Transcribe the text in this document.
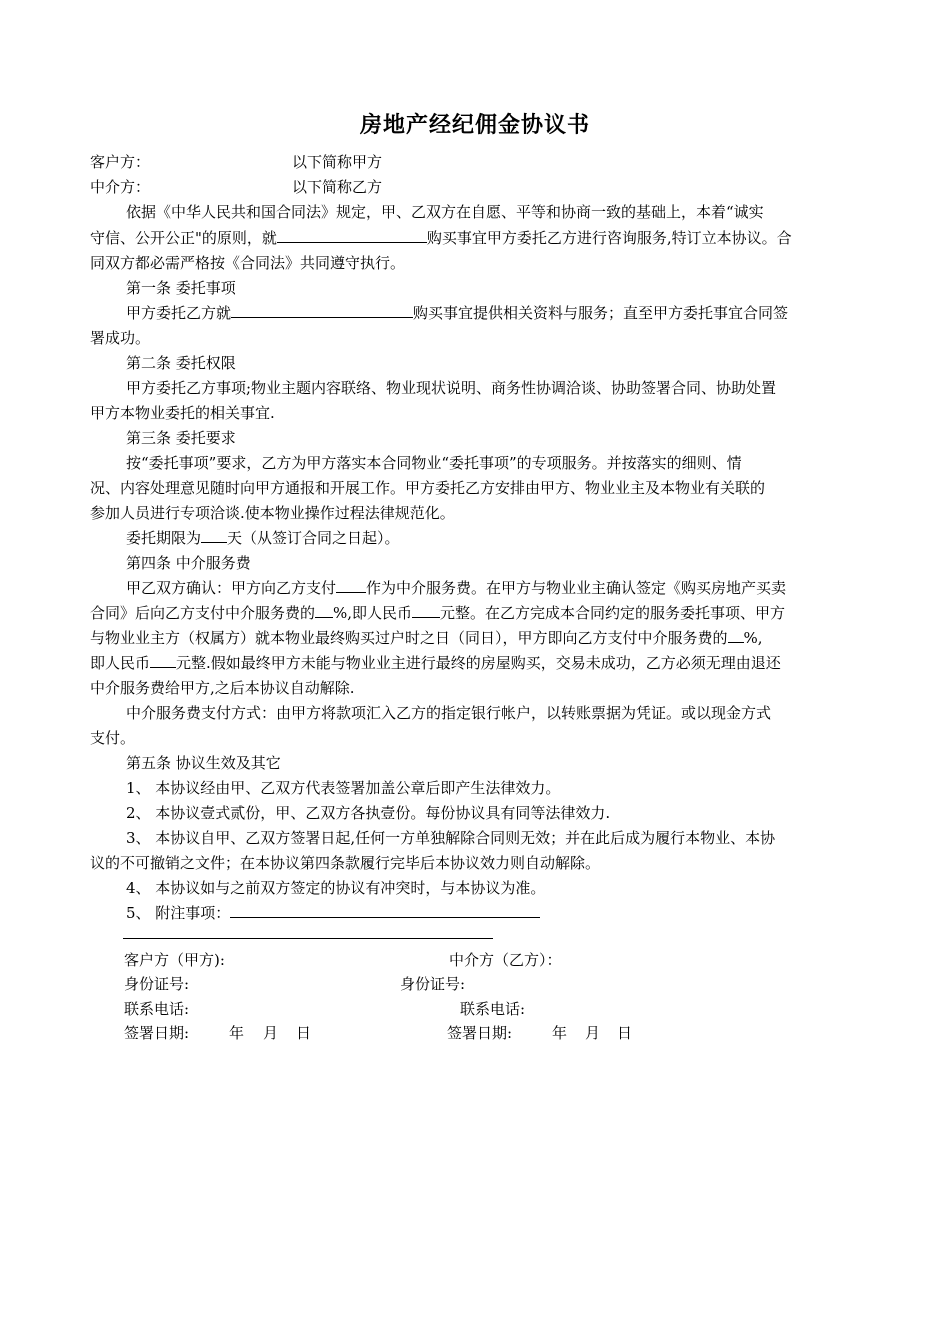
房地产经纪佣金协议书
客户方：	以下简称甲方
中介方：	以下简称乙方
依据《中华人民共和国合同法》规定，甲、乙双方在自愿、平等和协商一致的基础上，本着“诚实
守信、公开公正"的原则，就	购买事宜甲方委托乙方进行咨询服务,特订立本协议。合
同双方都必需严格按《合同法》共同遵守执行。
第一条 委托事项
甲方委托乙方就	购买事宜提供相关资料与服务；直至甲方委托事宜合同签
署成功。
第二条 委托权限
甲方委托乙方事项;物业主题内容联络、物业现状说明、商务性协调洽谈、协助签署合同、协助处置
甲方本物业委托的相关事宜.
第三条 委托要求
按“委托事项”要求，乙方为甲方落实本合同物业“委托事项”的专项服务。并按落实的细则、情
况、内容处理意见随时向甲方通报和开展工作。甲方委托乙方安排由甲方、物业业主及本物业有关联的
参加人员进行专项洽谈.使本物业操作过程法律规范化。
委托期限为 天（从签订合同之日起）。
第四条 中介服务费
甲乙双方确认：甲方向乙方支付 作为中介服务费。在甲方与物业业主确认签定《购买房地产买卖
合同》后向乙方支付中介服务费的 %,即人民币 元整。在乙方完成本合同约定的服务委托事项、甲方
与物业业主方（权属方）就本物业最终购买过户时之日（同日），甲方即向乙方支付中介服务费的 %,
即人民币 元整.假如最终甲方未能与物业业主进行最终的房屋购买，交易未成功，乙方必须无理由退还
中介服务费给甲方,之后本协议自动解除.
中介服务费支付方式：由甲方将款项汇入乙方的指定银行帐户，以转账票据为凭证。或以现金方式
支付。
第五条 协议生效及其它
1、 本协议经由甲、乙双方代表签署加盖公章后即产生法律效力。
2、 本协议壹式贰份，甲、乙双方各执壹份。每份协议具有同等法律效力.
3、 本协议自甲、乙双方签署日起,任何一方单独解除合同则无效；并在此后成为履行本物业、本协
议的不可撤销之文件；在本协议第四条款履行完毕后本协议效力则自动解除。
4、 本协议如与之前双方签定的协议有冲突时，与本协议为准。
5、 附注事项：
客户方（甲方):	中介方（乙方）：
身份证号:	身份证号:
联系电话:	联系电话:
签署日期:	年 月 日	签署日期:	年 月 日
